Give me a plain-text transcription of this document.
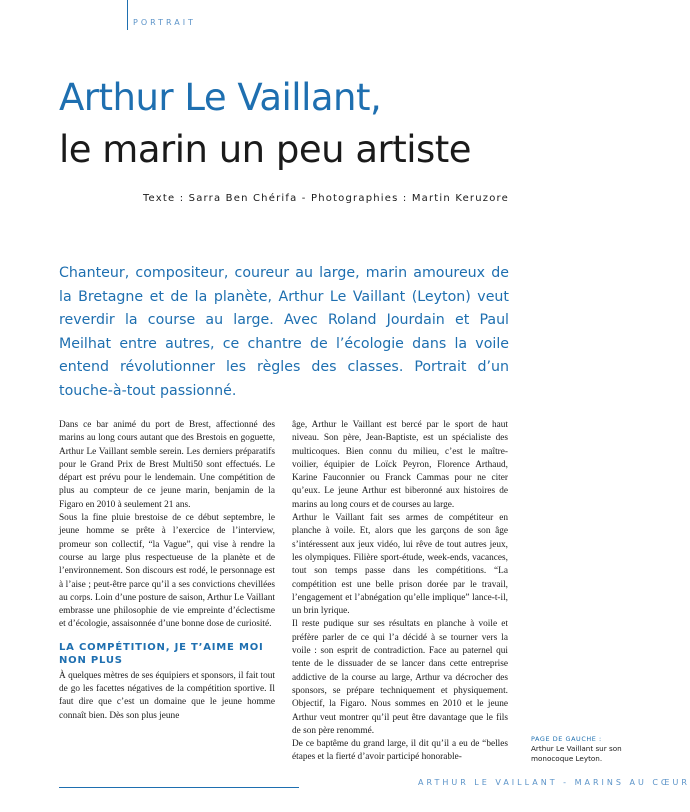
PORTRAIT
Arthur Le Vaillant,
le marin un peu artiste
Texte : Sarra Ben Chérifa - Photographies : Martin Keruzore

Chanteur, compositeur, coureur au large, marin amoureux de la Bretagne et de la planète, Arthur Le Vaillant (Leyton) veut reverdir la course au large. Avec Roland Jourdain et Paul Meilhat entre autres, ce chantre de l’écologie dans la voile entend révolutionner les règles des classes. Portrait d’un touche-à-tout passionné.

Dans ce bar animé du port de Brest, affectionné des marins au long cours autant que des Brestois en goguette, Arthur Le Vaillant semble serein. Les derniers préparatifs pour le Grand Prix de Brest Multi50 sont effectués. Le départ est prévu pour le lendemain. Une compétition de plus au compteur de ce jeune marin, benjamin de la Figaro en 2010 à seulement 21 ans.

Sous la fine pluie brestoise de ce début septembre, le jeune homme se prête à l’exercice de l’interview, promeur son collectif, “la Vague”, qui vise à rendre la course au large plus respectueuse de la planète et de l’environnement. Son discours est rodé, le personnage est à l’aise ; peut-être parce qu’il a ses convictions chevillées au corps. Loin d’une posture de saison, Arthur Le Vaillant embrasse une philosophie de vie empreinte d’éclectisme et d’écologie, assaisonnée d’une bonne dose de curiosité.

LA COMPÉTITION, JE T’AIME MOI NON PLUS

À quelques mètres de ses équipiers et sponsors, il fait tout de go les facettes négatives de la compétition sportive. Il faut dire que c’est un domaine que le jeune homme connaît bien. Dès son plus jeune

âge, Arthur le Vaillant est bercé par le sport de haut niveau. Son père, Jean-Baptiste, est un spécialiste des multicoques. Bien connu du milieu, c’est le maître-voilier, équipier de Loïck Peyron, Florence Arthaud, Karine Fauconnier ou Franck Cammas pour ne citer qu’eux. Le jeune Arthur est biberonné aux histoires de marins au long cours et de courses au large.

Arthur le Vaillant fait ses armes de compétiteur en planche à voile. Et, alors que les garçons de son âge s’intéressent aux jeux vidéo, lui rêve de tout autres jeux, les olympiques. Filière sport-étude, week-ends, vacances, tout son temps passe dans les compétitions. “La compétition est une belle prison dorée par le travail, l’engagement et l’abnégation qu’elle implique” lance-t-il, un brin lyrique.

Il reste pudique sur ses résultats en planche à voile et préfère parler de ce qui l’a décidé à se tourner vers la voile : son esprit de contradiction. Face au paternel qui tente de le dissuader de se lancer dans cette entreprise addictive de la course au large, Arthur va décrocher des sponsors, se prépare techniquement et physiquement. Objectif, la Figaro. Nous sommes en 2010 et le jeune Arthur veut montrer qu’il peut être davantage que le fils de son père renommé.

De ce baptême du grand large, il dit qu’il a eu de “belles étapes et la fierté d’avoir participé honorable-

PAGE DE GAUCHE :
Arthur Le Vaillant sur son monocoque Leyton.
ARTHUR LE VAILLANT - MARINS AU CŒUR
